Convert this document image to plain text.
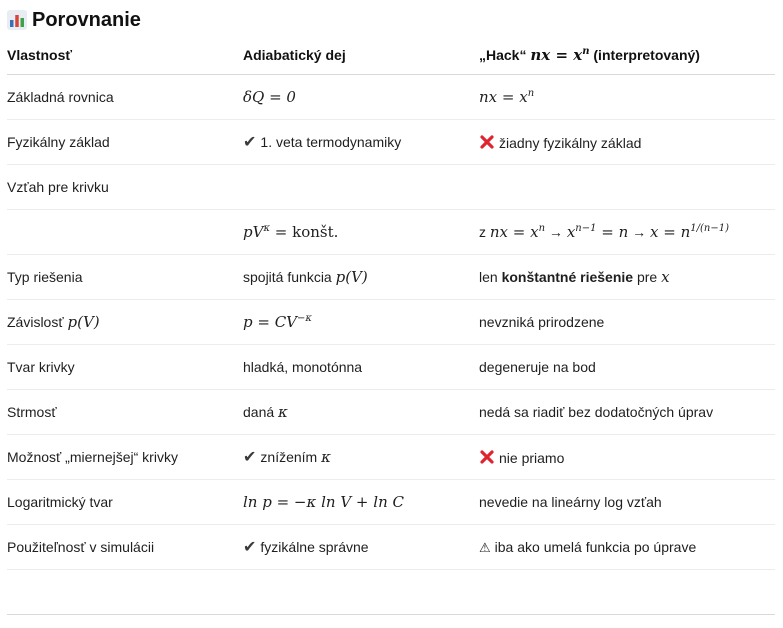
Porovnanie
Vlastnosť	Adiabatický dej	„Hack“ nx = $x^n$ (interpretovaný)
Základná rovnica	δQ = 0	nx = $x^n$
Fyzikálny základ	✔ 1. veta termodynamiky	žiadny fyzikálny základ
Vzťah pre krivku		
	$pV^\kappa$ = konšt.	z nx = $x^n \to x^{n-1} = n \to x = n^{1/(n-1)}$
Typ riešenia	spojitá funkcia p(V)	len konštantné riešenie pre x
Závislosť p(V)	$p = CV^{-\kappa}$	nevzniká prirodzene
Tvar krivky	hladká, monotónna	degeneruje na bod
Strmosť	daná κ	nedá sa riadiť bez dodatočných úprav
Možnosť „miernejšej“ krivky	✔ znížením κ	nie priamo
Logaritmický tvar	ln p = −κ ln V + ln C	nevedie na lineárny log vzťah
Použiteľnosť v simulácii	✔ fyzikálne správne	⚠ iba ako umelá funkcia po úprave
